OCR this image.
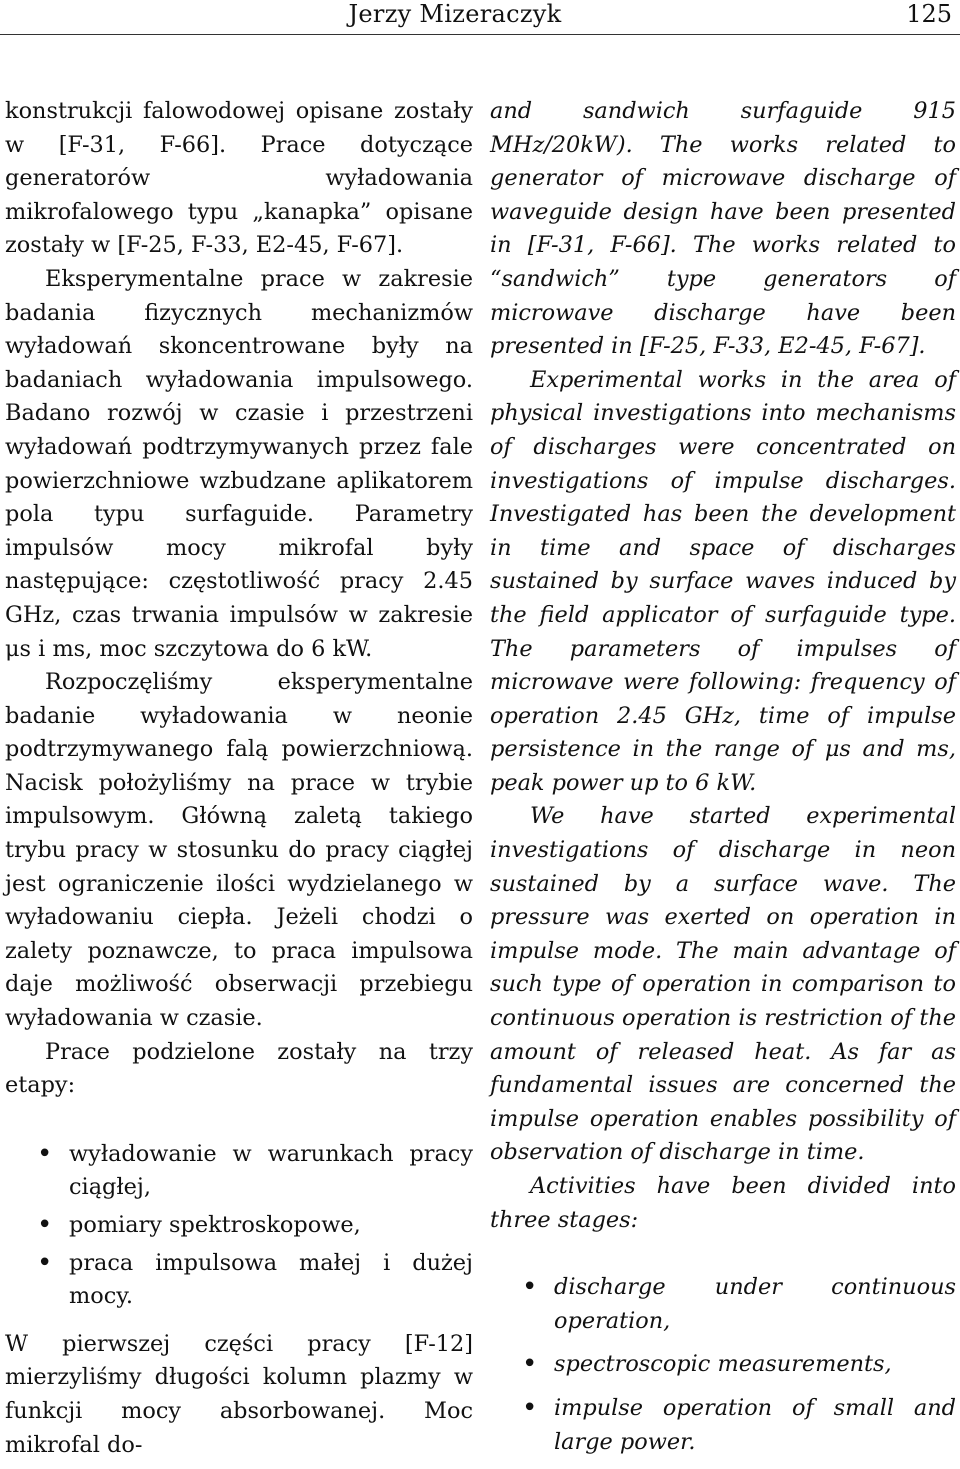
Jerzy Mizeraczyk	125

konstrukcji falowodowej opisane zostały w [F-31, F-66]. Prace dotyczące generatorów wyładowania mikrofalowego typu „kanapka” opisane zostały w [F-25, F-33, E2-45, F-67].

Eksperymentalne prace w zakresie badania fizycznych mechanizmów wyładowań skoncentrowane były na badaniach wyładowania impulsowego. Badano rozwój w czasie i przestrzeni wyładowań podtrzymywanych przez fale powierzchniowe wzbudzane aplikatorem pola typu surfaguide. Parametry impulsów mocy mikrofal były następujące: częstotliwość pracy 2.45 GHz, czas trwania impulsów w zakresie μs i ms, moc szczytowa do 6 kW.

Rozpoczęliśmy eksperymentalne badanie wyładowania w neonie podtrzymywanego falą powierzchniową. Nacisk położyliśmy na prace w trybie impulsowym. Główną zaletą takiego trybu pracy w stosunku do pracy ciągłej jest ograniczenie ilości wydzielanego w wyładowaniu ciepła. Jeżeli chodzi o zalety poznawcze, to praca impulsowa daje możliwość obserwacji przebiegu wyładowania w czasie.

Prace podzielone zostały na trzy etapy:

• wyładowanie w warunkach pracy ciągłej,
• pomiary spektroskopowe,
• praca impulsowa małej i dużej mocy.

W pierwszej części pracy [F-12] mierzyliśmy długości kolumn plazmy w funkcji mocy absorbowanej. Moc mikrofal do-

and sandwich surfaguide 915 MHz/20kW). The works related to generator of microwave discharge of waveguide design have been presented in [F-31, F-66]. The works related to “sandwich” type generators of microwave discharge have been presented in [F-25, F-33, E2-45, F-67].

Experimental works in the area of physical investigations into mechanisms of discharges were concentrated on investigations of impulse discharges. Investigated has been the development in time and space of discharges sustained by surface waves induced by the field applicator of surfaguide type. The parameters of impulses of microwave were following: frequency of operation 2.45 GHz, time of impulse persistence in the range of μs and ms, peak power up to 6 kW.

We have started experimental investigations of discharge in neon sustained by a surface wave. The pressure was exerted on operation in impulse mode. The main advantage of such type of operation in comparison to continuous operation is restriction of the amount of released heat. As far as fundamental issues are concerned the impulse operation enables possibility of observation of discharge in time.

Activities have been divided into three stages:

• discharge under continuous operation,
• spectroscopic measurements,
• impulse operation of small and large power.
